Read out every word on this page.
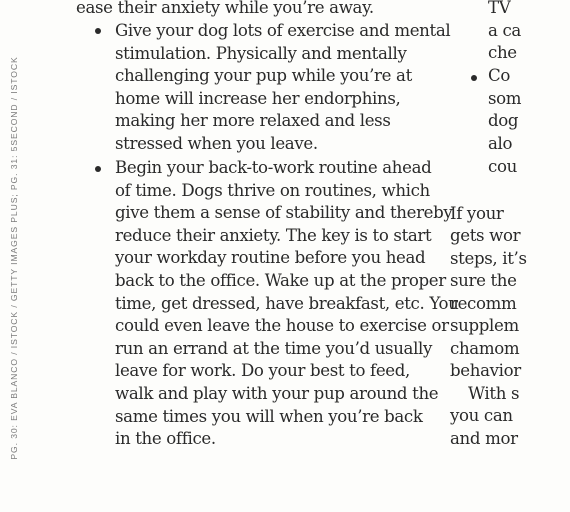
PG. 30: EVA BLANCO / ISTOCK / GETTY IMAGES PLUS; PG. 31: 5SECOND / ISTOCK
ease their anxiety while you’re away.
Give your dog lots of exercise and mental
stimulation. Physically and mentally
challenging your pup while you’re at
home will increase her endorphins,
making her more relaxed and less
stressed when you leave.
Begin your back-to-work routine ahead
of time. Dogs thrive on routines, which
give them a sense of stability and thereby
reduce their anxiety. The key is to start
your workday routine before you head
back to the office. Wake up at the proper
time, get dressed, have breakfast, etc. You
could even leave the house to exercise or
run an errand at the time you’d usually
leave for work. Do your best to feed,
walk and play with your pup around the
same times you will when you’re back
in the office.
TV
a ca
che
Co
som
dog
alo
cou
If your
gets wor
steps, it’s
sure the
recomm
supplem
chamom
behavior
With s
you can
and mor
